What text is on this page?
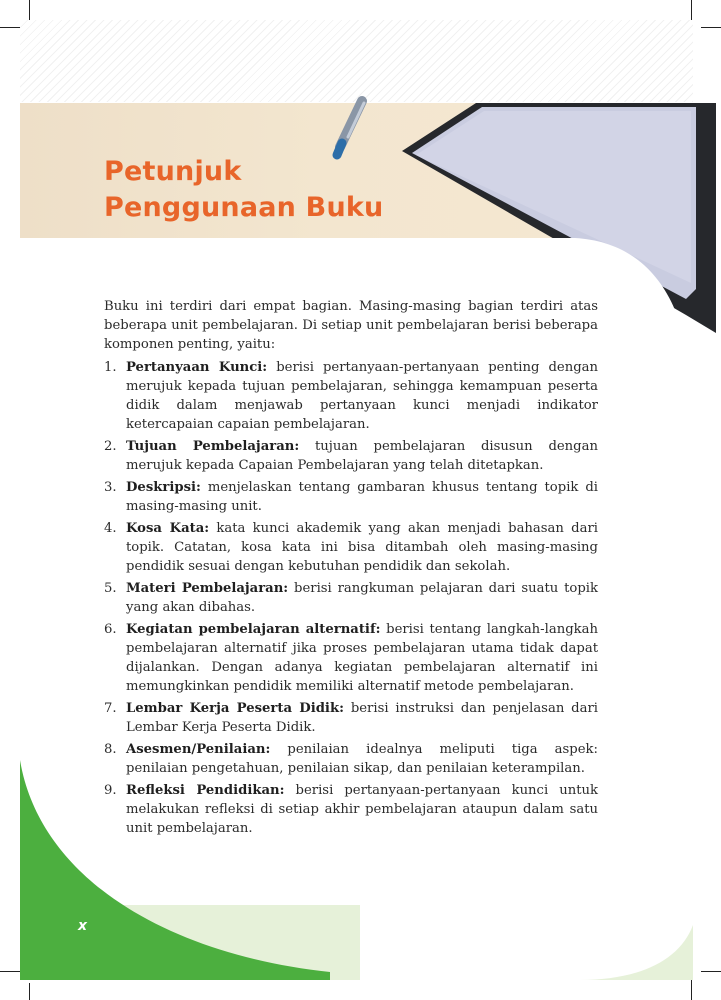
Petunjuk
Penggunaan Buku
x

Buku ini terdiri dari empat bagian. Masing-masing bagian terdiri atas beberapa unit pembelajaran. Di setiap unit pembelajaran berisi beberapa komponen penting, yaitu:

1. Pertanyaan Kunci: berisi pertanyaan-pertanyaan penting dengan merujuk kepada tujuan pembelajaran, sehingga kemampuan peserta didik dalam menjawab pertanyaan kunci menjadi indikator ketercapaian capaian pembelajaran.
2. Tujuan Pembelajaran: tujuan pembelajaran disusun dengan merujuk kepada Capaian Pembelajaran yang telah ditetapkan.
3. Deskripsi: menjelaskan tentang gambaran khusus tentang topik di masing-masing unit.
4. Kosa Kata: kata kunci akademik yang akan menjadi bahasan dari topik. Catatan, kosa kata ini bisa ditambah oleh masing-masing pendidik sesuai dengan kebutuhan pendidik dan sekolah.
5. Materi Pembelajaran: berisi rangkuman pelajaran dari suatu topik yang akan dibahas.
6. Kegiatan pembelajaran alternatif: berisi tentang langkah-langkah pembelajaran alternatif jika proses pembelajaran utama tidak dapat dijalankan. Dengan adanya kegiatan pembelajaran alternatif ini memungkinkan pendidik memiliki alternatif metode pembelajaran.
7. Lembar Kerja Peserta Didik: berisi instruksi dan penjelasan dari Lembar Kerja Peserta Didik.
8. Asesmen/Penilaian: penilaian idealnya meliputi tiga aspek: penilaian pengetahuan, penilaian sikap, dan penilaian keterampilan.
9. Refleksi Pendidikan: berisi pertanyaan-pertanyaan kunci untuk melakukan refleksi di setiap akhir pembelajaran ataupun dalam satu unit pembelajaran.
